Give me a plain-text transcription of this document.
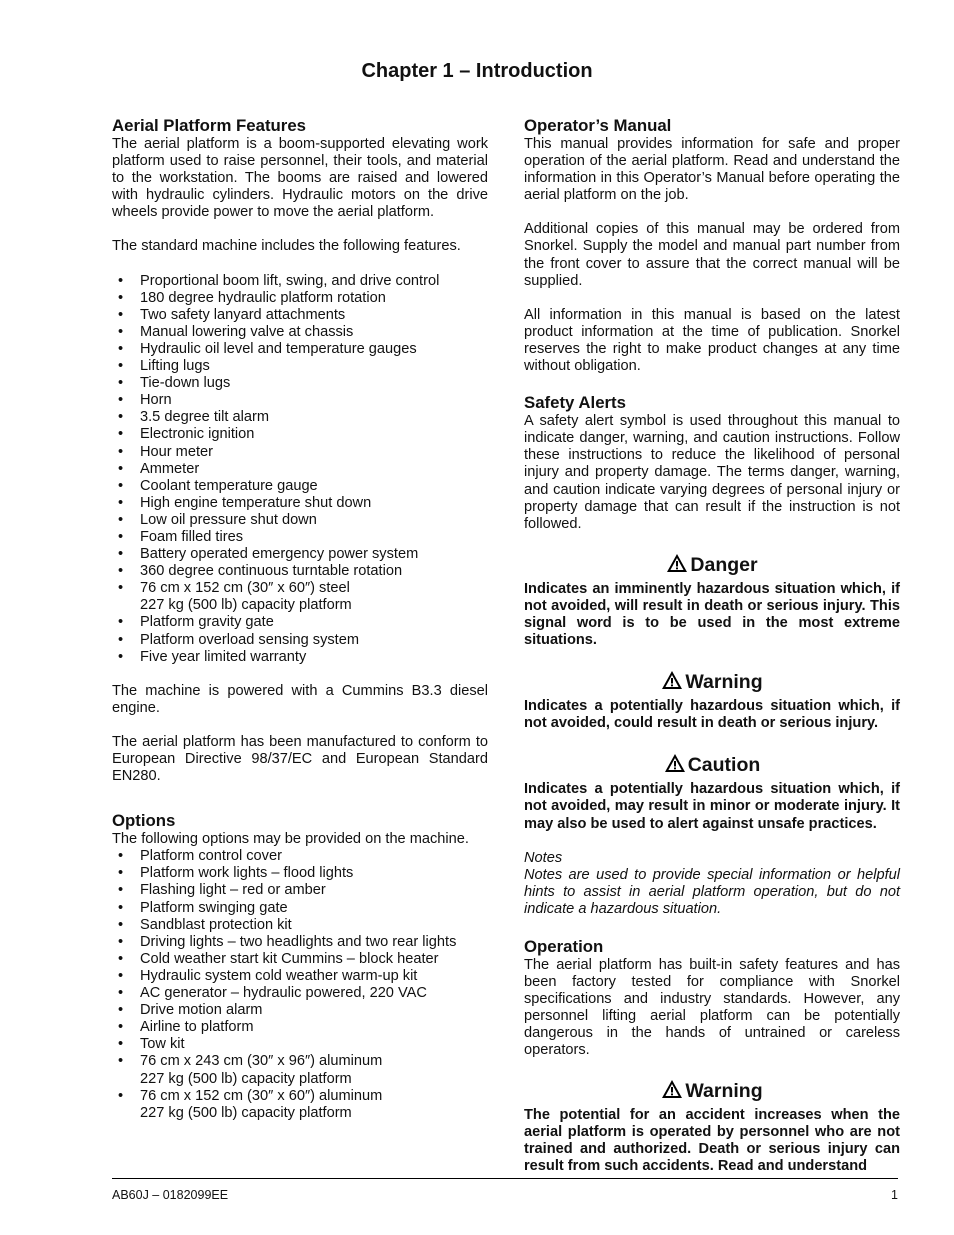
Chapter 1 – Introduction
Aerial Platform Features

The aerial platform is a boom-supported elevating work platform used to raise personnel, their tools, and material to the workstation. The booms are raised and lowered with hydraulic cylinders. Hydraulic motors on the drive wheels provide power to move the aerial platform.

The standard machine includes the following features.

• Proportional boom lift, swing, and drive control
• 180 degree hydraulic platform rotation
• Two safety lanyard attachments
• Manual lowering valve at chassis
• Hydraulic oil level and temperature gauges
• Lifting lugs
• Tie-down lugs
• Horn
• 3.5 degree tilt alarm
• Electronic ignition
• Hour meter
• Ammeter
• Coolant temperature gauge
• High engine temperature shut down
• Low oil pressure shut down
• Foam filled tires
• Battery operated emergency power system
• 360 degree continuous turntable rotation
• 76 cm x 152 cm (30″ x 60″) steel
227 kg (500 lb) capacity platform
• Platform gravity gate
• Platform overload sensing system
• Five year limited warranty

The machine is powered with a Cummins B3.3 diesel engine.

The aerial platform has been manufactured to conform to European Directive 98/37/EC and European Standard EN280.

Options

The following options may be provided on the machine.

• Platform control cover
• Platform work lights – flood lights
• Flashing light – red or amber
• Platform swinging gate
• Sandblast protection kit
• Driving lights – two headlights and two rear lights
• Cold weather start kit Cummins – block heater
• Hydraulic system cold weather warm-up kit
• AC generator – hydraulic powered, 220 VAC
• Drive motion alarm
• Airline to platform
• Tow kit
• 76 cm x 243 cm (30″ x 96″) aluminum
227 kg (500 lb) capacity platform
• 76 cm x 152 cm (30″ x 60″) aluminum
227 kg (500 lb) capacity platform
Operator’s Manual

This manual provides information for safe and proper operation of the aerial platform. Read and understand the information in this Operator’s Manual before operating the aerial platform on the job.

Additional copies of this manual may be ordered from Snorkel. Supply the model and manual part number from the front cover to assure that the correct manual will be supplied.

All information in this manual is based on the latest product information at the time of publication. Snorkel reserves the right to make product changes at any time without obligation.

Safety Alerts

A safety alert symbol is used throughout this manual to indicate danger, warning, and caution instructions. Follow these instructions to reduce the likelihood of personal injury and property damage. The terms danger, warning, and caution indicate varying degrees of personal injury or property damage that can result if the instruction is not followed.

Danger

Indicates an imminently hazardous situation which, if not avoided, will result in death or serious injury. This signal word is to be used in the most extreme situations.

Warning

Indicates a potentially hazardous situation which, if not avoided, could result in death or serious injury.

Caution

Indicates a potentially hazardous situation which, if not avoided, may result in minor or moderate injury. It may also be used to alert against unsafe practices.

Notes

Notes are used to provide special information or helpful hints to assist in aerial platform operation, but do not indicate a hazardous situation.

Operation

The aerial platform has built-in safety features and has been factory tested for compliance with Snorkel specifications and industry standards. However, any personnel lifting aerial platform can be potentially dangerous in the hands of untrained or careless operators.

Warning

The potential for an accident increases when the aerial platform is operated by personnel who are not trained and authorized. Death or serious injury can result from such accidents. Read and understand

AB60J – 0182099EE	1
